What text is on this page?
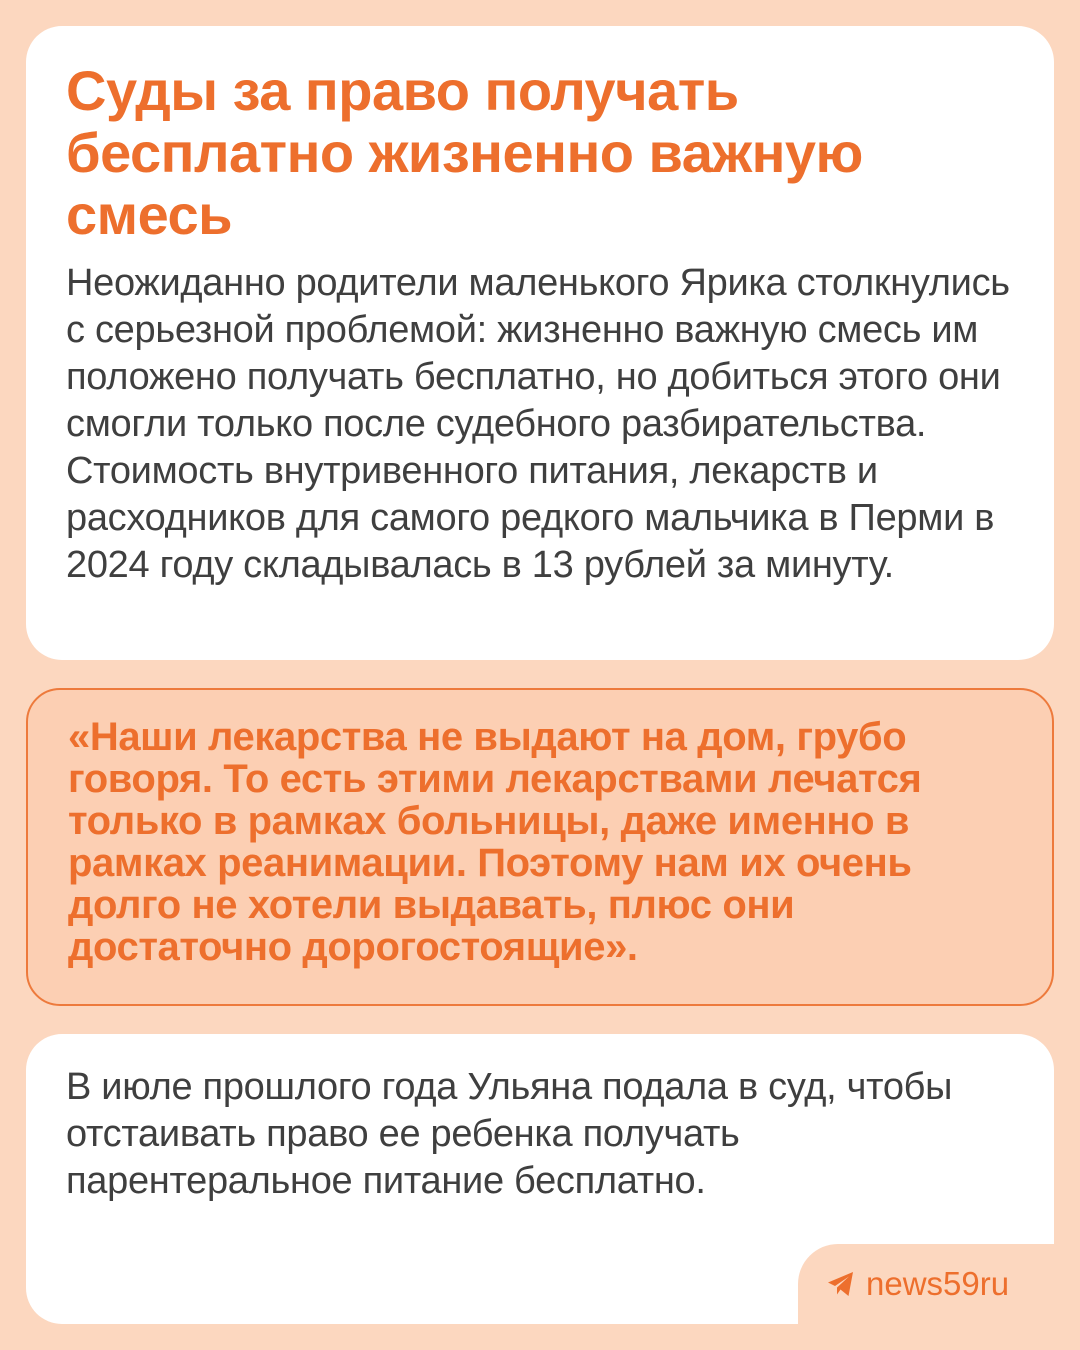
Суды за право получать бесплатно жизненно важную смесь

Неожиданно родители маленького Ярика столкнулись с серьезной проблемой: жизненно важную смесь им положено получать бесплатно, но добиться этого они смогли только после судебного разбирательства. Стоимость внутривенного питания, лекарств и расходников для самого редкого мальчика в Перми в 2024 году складывалась в 13 рублей за минуту.

«Наши лекарства не выдают на дом, грубо говоря. То есть этими лекарствами лечатся только в рамках больницы, даже именно в рамках реанимации. Поэтому нам их очень долго не хотели выдавать, плюс они достаточно дорогостоящие».

В июле прошлого года Ульяна подала в суд, чтобы отстаивать право ее ребенка получать парентеральное питание бесплатно.

news59ru
